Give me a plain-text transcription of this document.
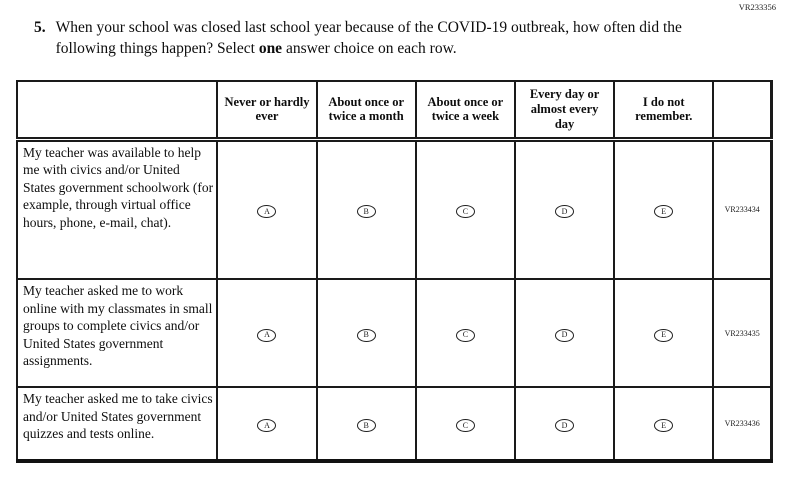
VR233356
5. When your school was closed last school year because of the COVID-19 outbreak, how often did the following things happen? Select one answer choice on each row.
	Never or hardly ever	About once or twice a month	About once or twice a week	Every day or almost every day	I do not remember.	
My teacher was available to help me with civics and/or United States government schoolwork (for example, through virtual office hours, phone, e-mail, chat).	A	B	C	D	E	VR233434
My teacher asked me to work online with my classmates in small groups to complete civics and/or United States government assignments.	A	B	C	D	E	VR233435
My teacher asked me to take civics and/or United States government quizzes and tests online.	A	B	C	D	E	VR233436
